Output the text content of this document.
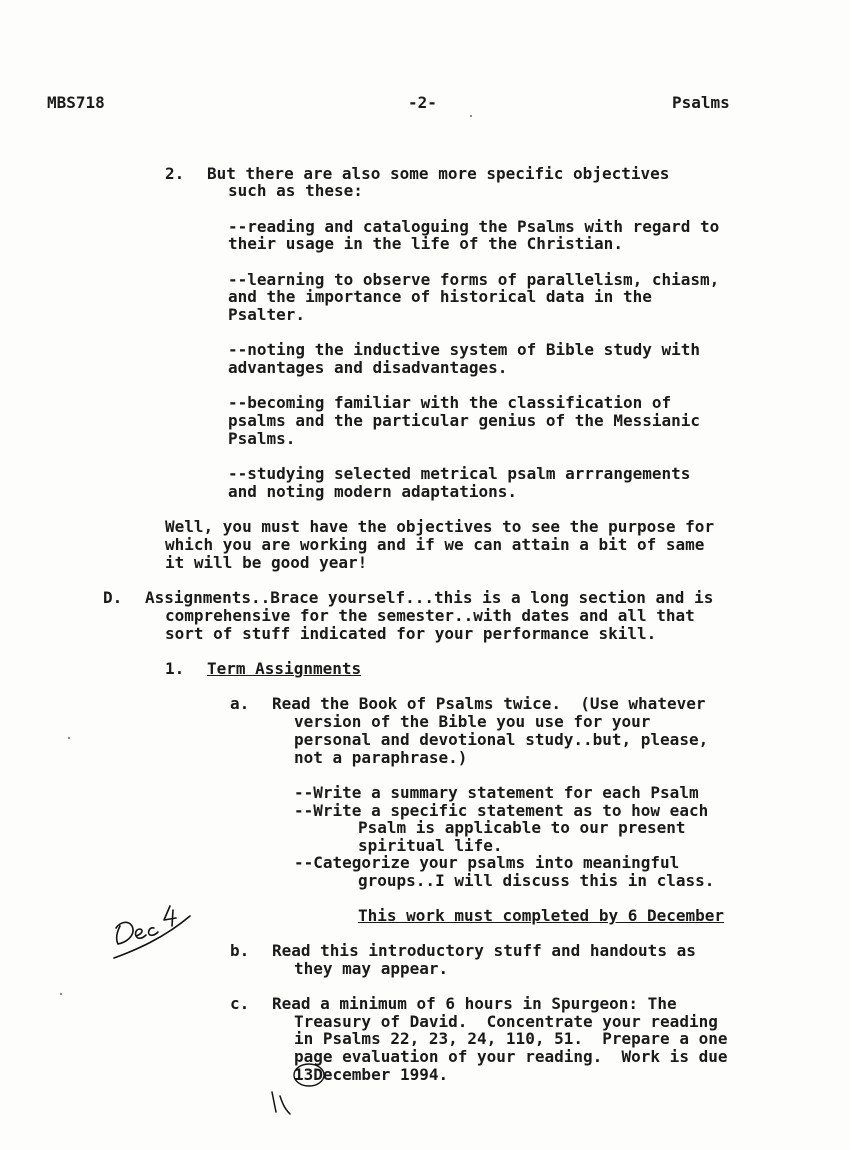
MBS718	-2-	Psalms
2. But there are also some more specific objectives
such as these:
--reading and cataloguing the Psalms with regard to
their usage in the life of the Christian.
--learning to observe forms of parallelism, chiasm,
and the importance of historical data in the
Psalter.
--noting the inductive system of Bible study with
advantages and disadvantages.
--becoming familiar with the classification of
psalms and the particular genius of the Messianic
Psalms.
--studying selected metrical psalm arrrangements
and noting modern adaptations.
Well, you must have the objectives to see the purpose for
which you are working and if we can attain a bit of same
it will be good year!
D. Assignments..Brace yourself...this is a long section and is
comprehensive for the semester..with dates and all that
sort of stuff indicated for your performance skill.
1. Term Assignments
a. Read the Book of Psalms twice.  (Use whatever
version of the Bible you use for your
personal and devotional study..but, please,
not a paraphrase.)
--Write a summary statement for each Psalm
--Write a specific statement as to how each
Psalm is applicable to our present
spiritual life.
--Categorize your psalms into meaningful
groups..I will discuss this in class.
This work must completed by 6 December
b. Read this introductory stuff and handouts as
they may appear.
c. Read a minimum of 6 hours in Spurgeon: The
Treasury of David.  Concentrate your reading
in Psalms 22, 23, 24, 110, 51.  Prepare a one
page evaluation of your reading.  Work is due
13December 1994.
